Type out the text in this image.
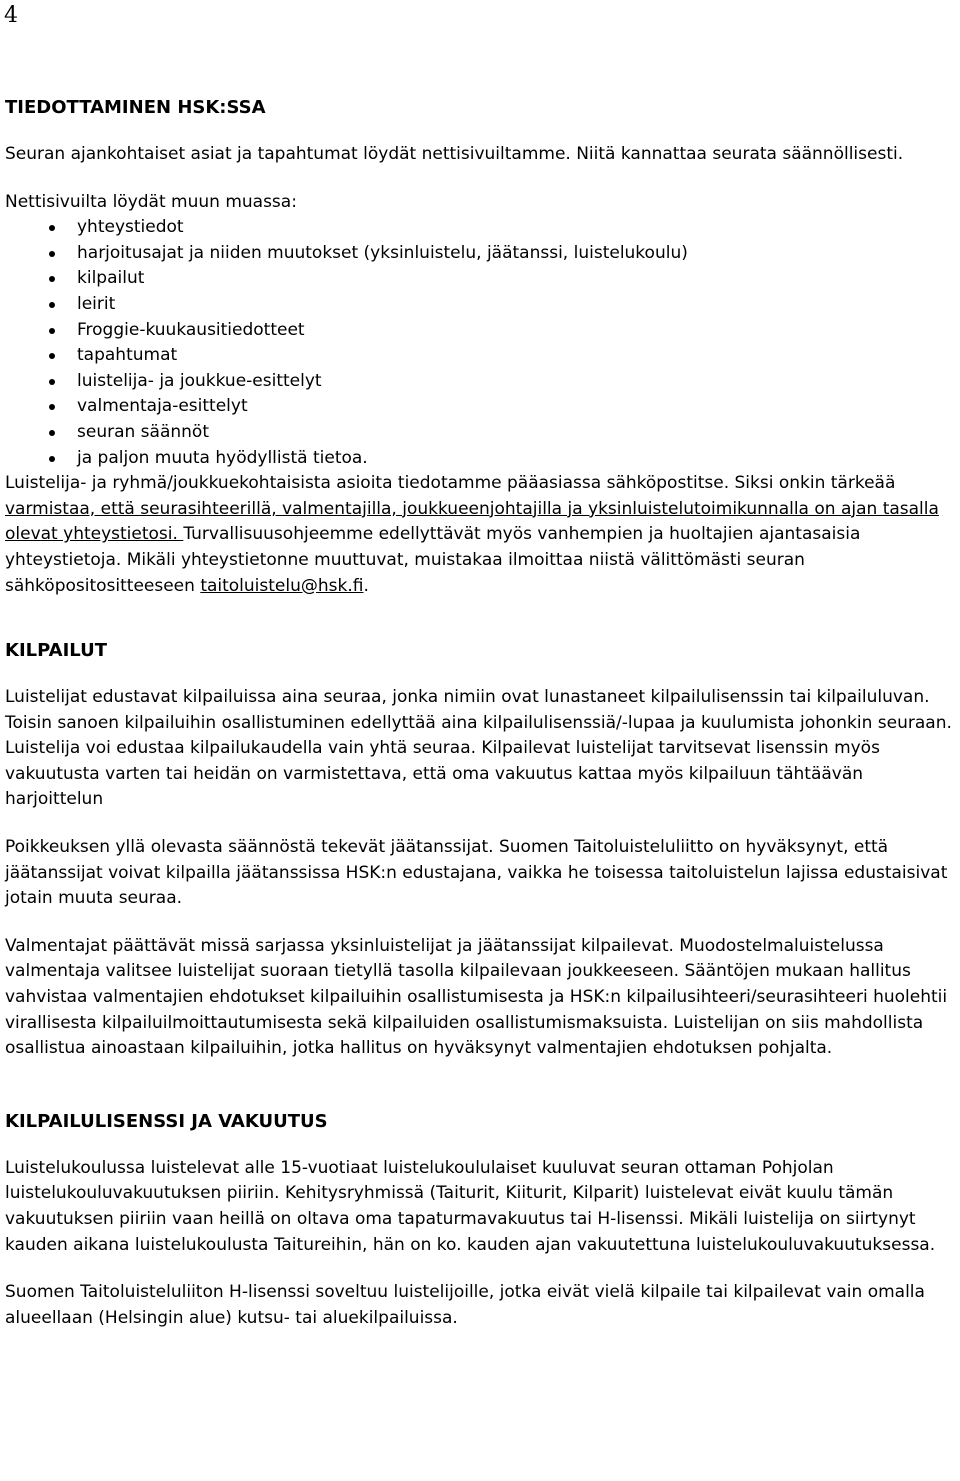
4
TIEDOTTAMINEN HSK:SSA

Seuran ajankohtaiset asiat ja tapahtumat löydät nettisivuiltamme. Niitä kannattaa seurata säännöllisesti.

Nettisivuilta löydät muun muassa:

yhteystiedot
harjoitusajat ja niiden muutokset (yksinluistelu, jäätanssi, luistelukoulu)
kilpailut
leirit
Froggie-kuukausitiedotteet
tapahtumat
luistelija- ja joukkue-esittelyt
valmentaja-esittelyt
seuran säännöt
ja paljon muuta hyödyllistä tietoa.

Luistelija- ja ryhmä/joukkuekohtaisista asioita tiedotamme pääasiassa sähköpostitse. Siksi onkin tärkeää varmistaa, että seurasihteerillä, valmentajilla, joukkueenjohtajilla ja yksinluistelutoimikunnalla on ajan tasalla olevat yhteystietosi. Turvallisuusohjeemme edellyttävät myös vanhempien ja huoltajien ajantasaisia yhteystietoja. Mikäli yhteystietonne muuttuvat, muistakaa ilmoittaa niistä välittömästi seuran sähköpositositteeseen taitoluistelu@hsk.fi.

KILPAILUT

Luistelijat edustavat kilpailuissa aina seuraa, jonka nimiin ovat lunastaneet kilpailulisenssin tai kilpailuluvan. Toisin sanoen kilpailuihin osallistuminen edellyttää aina kilpailulisenssiä/-lupaa ja kuulumista johonkin seuraan. Luistelija voi edustaa kilpailukaudella vain yhtä seuraa. Kilpailevat luistelijat tarvitsevat lisenssin myös vakuutusta varten tai heidän on varmistettava, että oma vakuutus kattaa myös kilpailuun tähtäävän harjoittelun

Poikkeuksen yllä olevasta säännöstä tekevät jäätanssijat. Suomen Taitoluisteluliitto on hyväksynyt, että jäätanssijat voivat kilpailla jäätanssissa HSK:n edustajana, vaikka he toisessa taitoluistelun lajissa edustaisivat jotain muuta seuraa.

Valmentajat päättävät missä sarjassa yksinluistelijat ja jäätanssijat kilpailevat. Muodostelmaluistelussa valmentaja valitsee luistelijat suoraan tietyllä tasolla kilpailevaan joukkeeseen. Sääntöjen mukaan hallitus vahvistaa valmentajien ehdotukset kilpailuihin osallistumisesta ja HSK:n kilpailusihteeri/seurasihteeri huolehtii virallisesta kilpailuilmoittautumisesta sekä kilpailuiden osallistumismaksuista. Luistelijan on siis mahdollista osallistua ainoastaan kilpailuihin, jotka hallitus on hyväksynyt valmentajien ehdotuksen pohjalta.

KILPAILULISENSSI JA VAKUUTUS

Luistelukoulussa luistelevat alle 15-vuotiaat luistelukoululaiset kuuluvat seuran ottaman Pohjolan luistelukouluvakuutuksen piiriin. Kehitysryhmissä (Taiturit, Kiiturit, Kilparit) luistelevat eivät kuulu tämän vakuutuksen piiriin vaan heillä on oltava oma tapaturmavakuutus tai H-lisenssi. Mikäli luistelija on siirtynyt kauden aikana luistelukoulusta Taitureihin, hän on ko. kauden ajan vakuutettuna luistelukouluvakuutuksessa.

Suomen Taitoluisteluliiton H-lisenssi soveltuu luistelijoille, jotka eivät vielä kilpaile tai kilpailevat vain omalla alueellaan (Helsingin alue) kutsu- tai aluekilpailuissa.
